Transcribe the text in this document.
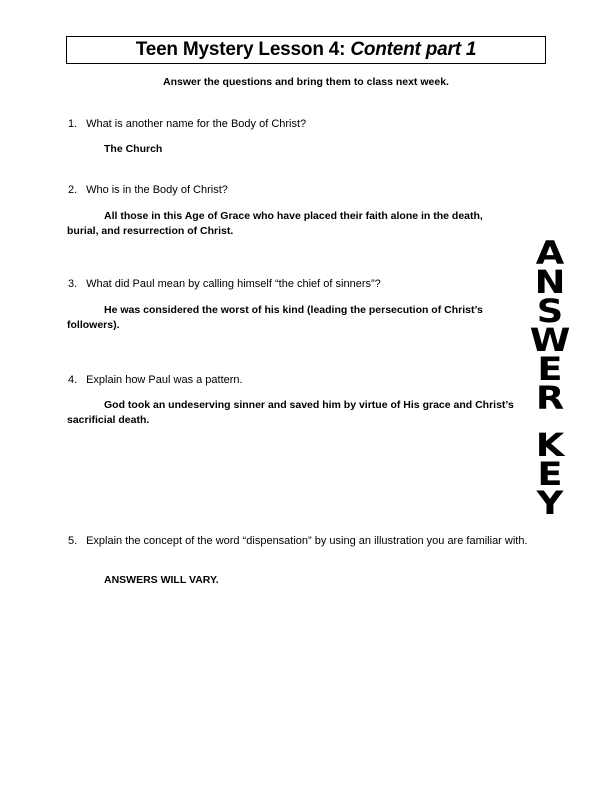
Teen Mystery Lesson 4: Content part 1
Answer the questions and bring them to class next week.
1. What is another name for the Body of Christ?
The Church
2. Who is in the Body of Christ?
All those in this Age of Grace who have placed their faith alone in the death, burial, and resurrection of Christ.
3. What did Paul mean by calling himself “the chief of sinners”?
He was considered the worst of his kind (leading the persecution of Christ’s followers).
4. Explain how Paul was a pattern.
God took an undeserving sinner and saved him by virtue of His grace and Christ’s sacrificial death.
5. Explain the concept of the word “dispensation” by using an illustration you are familiar with.
ANSWERS WILL VARY.
A
N
S
W
E
R
K
E
Y
